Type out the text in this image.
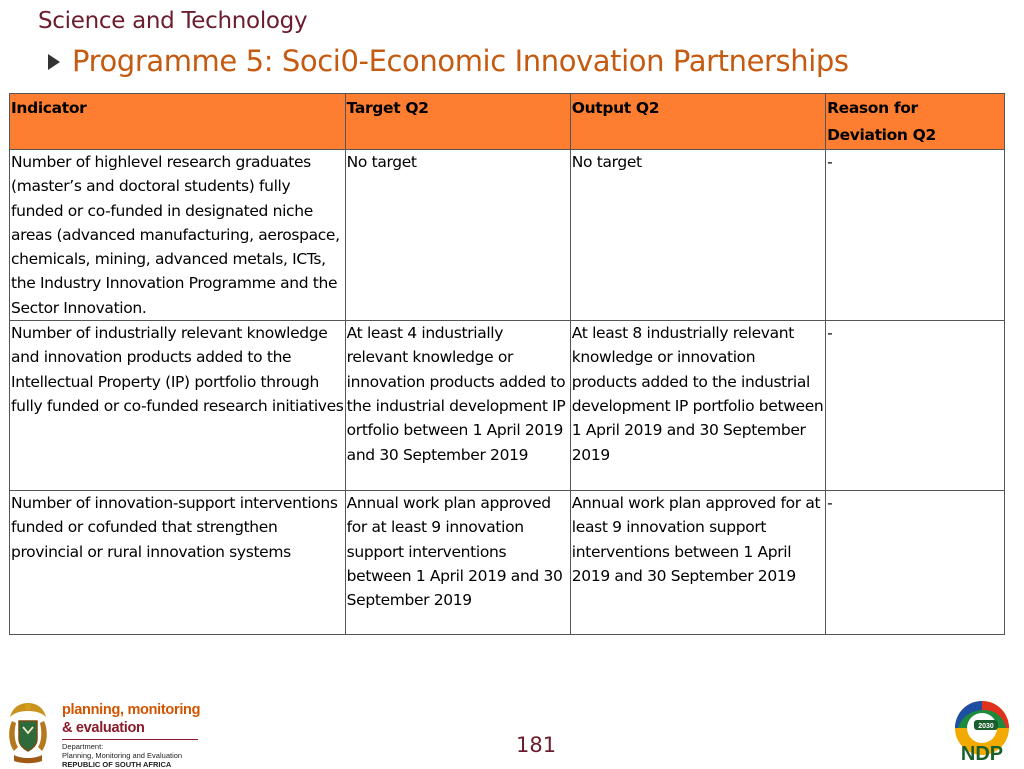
Science and Technology
Programme 5: Soci0-Economic Innovation Partnerships
Indicator	Target Q2	Output Q2	Reason for Deviation Q2
Number of highlevel research graduates (master’s and doctoral students) fully funded or co-funded in designated niche areas (advanced manufacturing, aerospace, chemicals, mining, advanced metals, ICTs, the Industry Innovation Programme and the Sector Innovation.	No target	No target	-
Number of industrially relevant knowledge and innovation products added to the Intellectual Property (IP) portfolio through fully funded or co-funded research initiatives	At least 4 industrially relevant knowledge or innovation products added to the industrial development IP ortfolio between 1 April 2019 and 30 September 2019	At least 8 industrially relevant knowledge or innovation products added to the industrial development IP portfolio between 1 April 2019 and 30 September 2019	-
Number of innovation-support interventions funded or cofunded that strengthen provincial or rural innovation systems	Annual work plan approved for at least 9 innovation support interventions between 1 April 2019 and 30 September 2019	Annual work plan approved for at least 9 innovation support interventions between 1 April 2019 and 30 September 2019	-
planning, monitoring
& evaluation
Department:
Planning, Monitoring and Evaluation
REPUBLIC OF SOUTH AFRICA
181
2030
NDP
